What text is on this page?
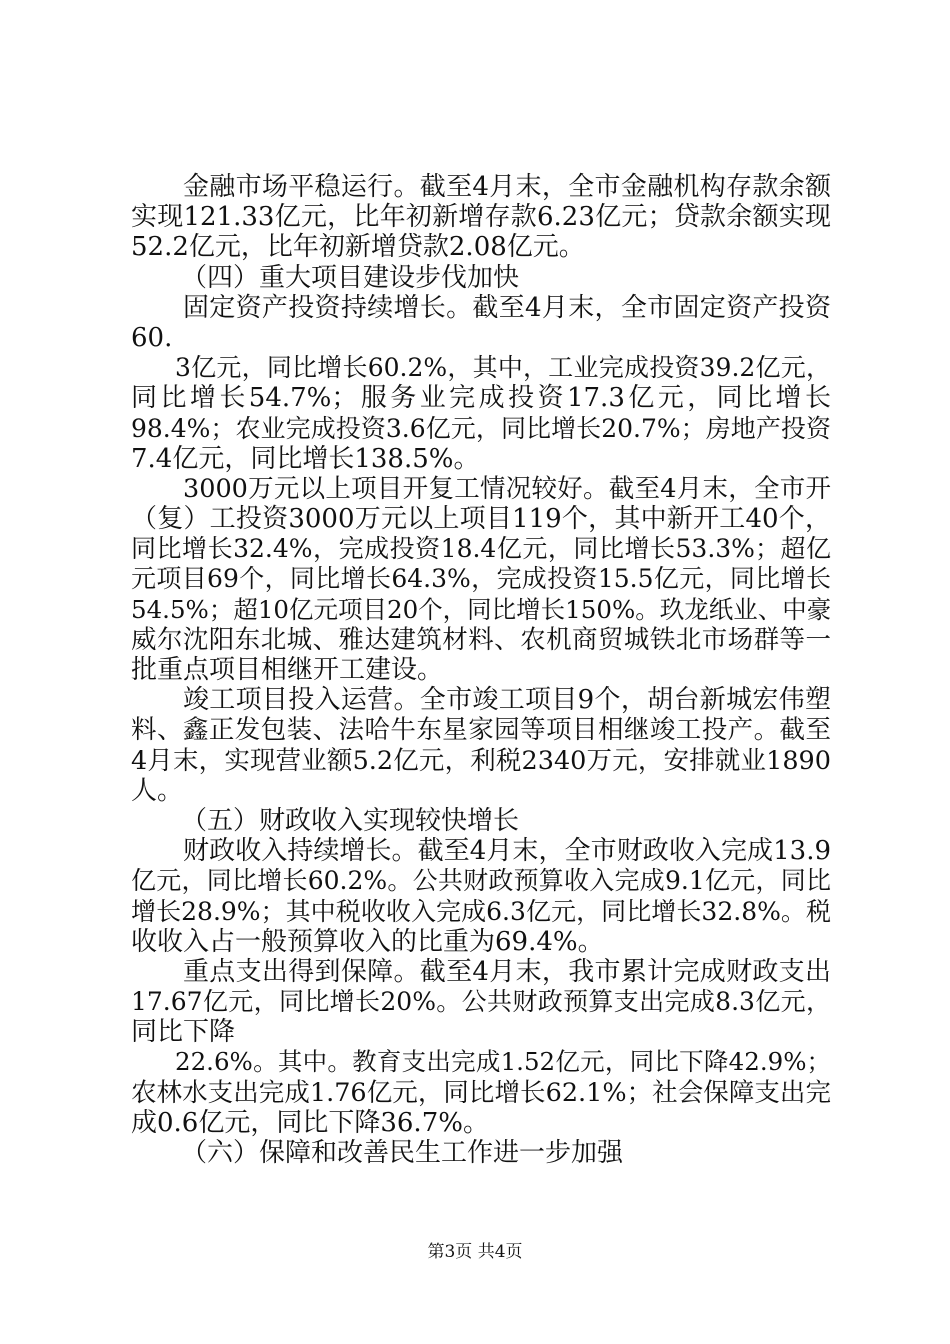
金融市场平稳运行。截至4月末，全市金融机构存款余额
实现121.33亿元，比年初新增存款6.23亿元；贷款余额实现
52.2亿元，比年初新增贷款2.08亿元。
（四）重大项目建设步伐加快
固定资产投资持续增长。截至4月末，全市固定资产投资
60.
3亿元，同比增长60.2%，其中，工业完成投资39.2亿元，
同比增长54.7%；服务业完成投资17.3亿元，同比增长
98.4%；农业完成投资3.6亿元，同比增长20.7%；房地产投资
7.4亿元，同比增长138.5%。
3000万元以上项目开复工情况较好。截至4月末，全市开
（复）工投资3000万元以上项目119个，其中新开工40个，
同比增长32.4%，完成投资18.4亿元，同比增长53.3%；超亿
元项目69个，同比增长64.3%，完成投资15.5亿元，同比增长
54.5%；超10亿元项目20个，同比增长150%。玖龙纸业、中豪
威尔沈阳东北城、雅达建筑材料、农机商贸城铁北市场群等一
批重点项目相继开工建设。
竣工项目投入运营。全市竣工项目9个，胡台新城宏伟塑
料、鑫正发包装、法哈牛东星家园等项目相继竣工投产。截至
4月末，实现营业额5.2亿元，利税2340万元，安排就业1890
人。
（五）财政收入实现较快增长
财政收入持续增长。截至4月末，全市财政收入完成13.9
亿元，同比增长60.2%。公共财政预算收入完成9.1亿元，同比
增长28.9%；其中税收收入完成6.3亿元，同比增长32.8%。税
收收入占一般预算收入的比重为69.4%。
重点支出得到保障。截至4月末，我市累计完成财政支出
17.67亿元，同比增长20%。公共财政预算支出完成8.3亿元，
同比下降
22.6%。其中。教育支出完成1.52亿元，同比下降42.9%；
农林水支出完成1.76亿元，同比增长62.1%；社会保障支出完
成0.6亿元，同比下降36.7%。
（六）保障和改善民生工作进一步加强
第3页 共4页
